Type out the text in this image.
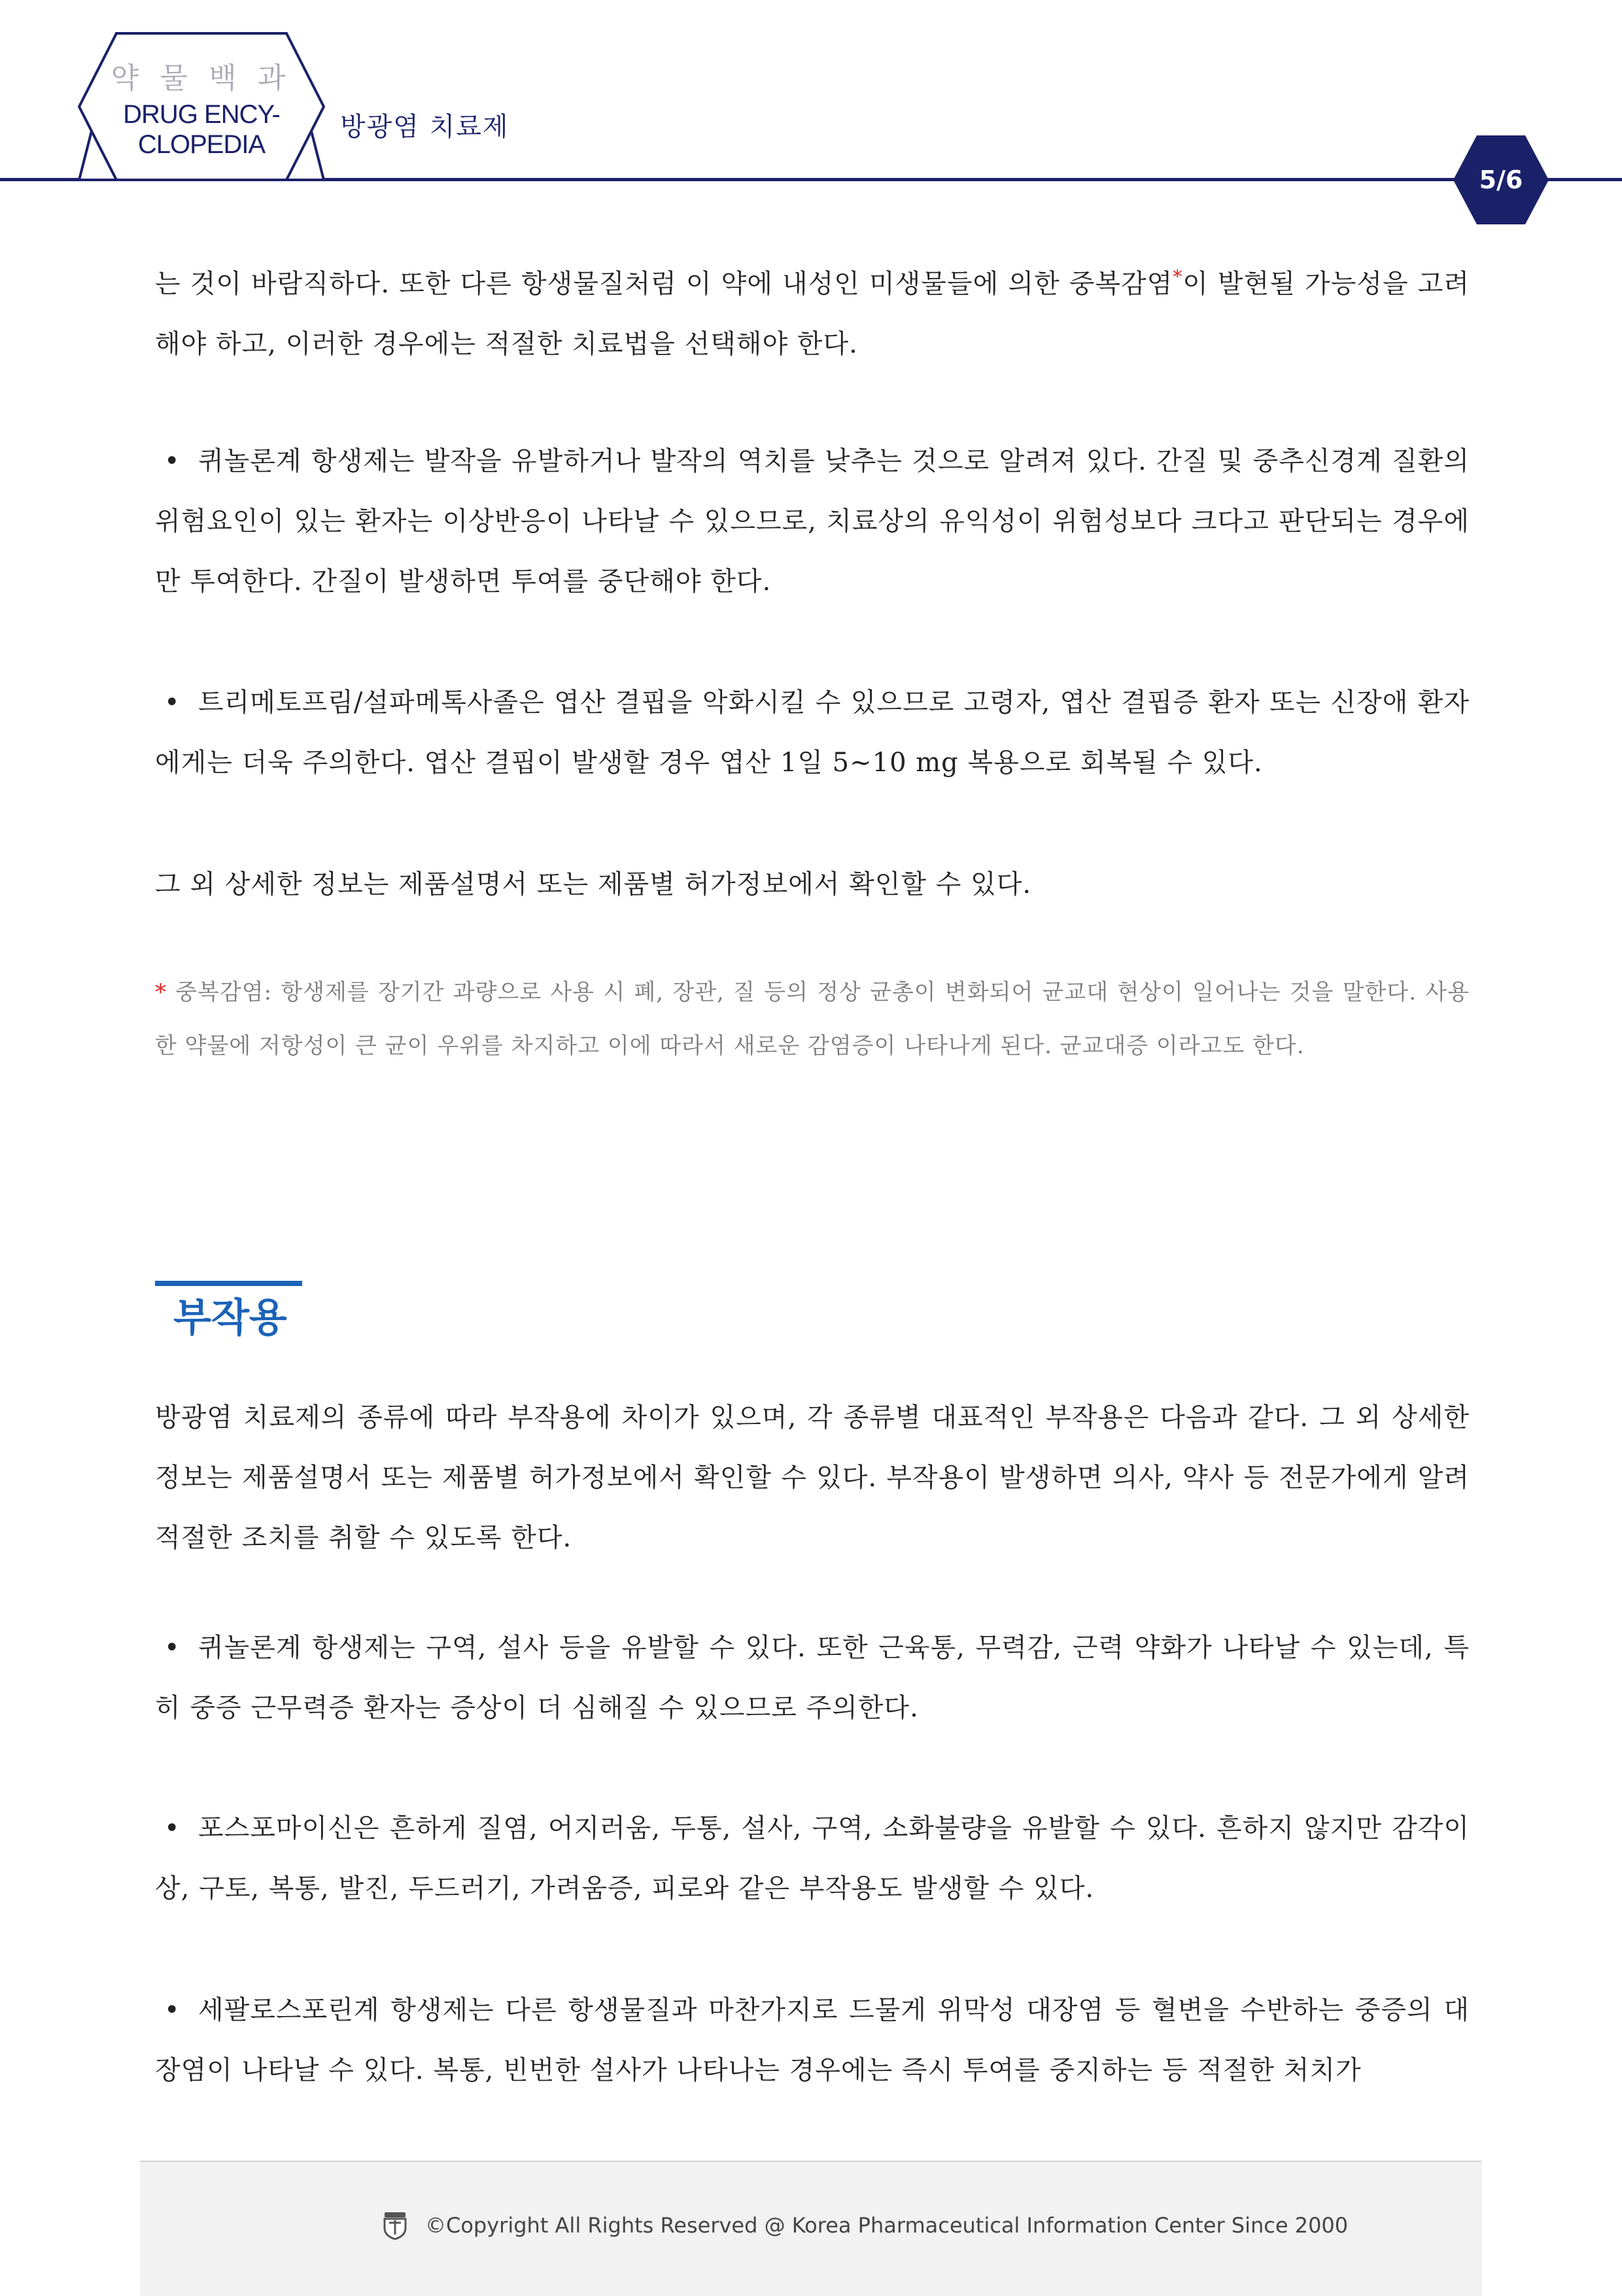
약 물 백 과
DRUG ENCY-
CLOPEDIA
방광염 치료제
5/6

는 것이 바람직하다. 또한 다른 항생물질처럼 이 약에 내성인 미생물들에 의한 중복감염*이 발현될 가능성을 고려해야 하고, 이러한 경우에는 적절한 치료법을 선택해야 한다.

• 퀴놀론계 항생제는 발작을 유발하거나 발작의 역치를 낮추는 것으로 알려져 있다. 간질 및 중추신경계 질환의 위험요인이 있는 환자는 이상반응이 나타날 수 있으므로, 치료상의 유익성이 위험성보다 크다고 판단되는 경우에만 투여한다. 간질이 발생하면 투여를 중단해야 한다.

• 트리메토프림/설파메톡사졸은 엽산 결핍을 악화시킬 수 있으므로 고령자, 엽산 결핍증 환자 또는 신장애 환자에게는 더욱 주의한다. 엽산 결핍이 발생할 경우 엽산 1일 5~10 mg 복용으로 회복될 수 있다.

그 외 상세한 정보는 제품설명서 또는 제품별 허가정보에서 확인할 수 있다.

* 중복감염: 항생제를 장기간 과량으로 사용 시 폐, 장관, 질 등의 정상 균총이 변화되어 균교대 현상이 일어나는 것을 말한다. 사용한 약물에 저항성이 큰 균이 우위를 차지하고 이에 따라서 새로운 감염증이 나타나게 된다. 균교대증 이라고도 한다.

부작용

방광염 치료제의 종류에 따라 부작용에 차이가 있으며, 각 종류별 대표적인 부작용은 다음과 같다. 그 외 상세한 정보는 제품설명서 또는 제품별 허가정보에서 확인할 수 있다. 부작용이 발생하면 의사, 약사 등 전문가에게 알려 적절한 조치를 취할 수 있도록 한다.

• 퀴놀론계 항생제는 구역, 설사 등을 유발할 수 있다. 또한 근육통, 무력감, 근력 약화가 나타날 수 있는데, 특히 중증 근무력증 환자는 증상이 더 심해질 수 있으므로 주의한다.

• 포스포마이신은 흔하게 질염, 어지러움, 두통, 설사, 구역, 소화불량을 유발할 수 있다. 흔하지 않지만 감각이상, 구토, 복통, 발진, 두드러기, 가려움증, 피로와 같은 부작용도 발생할 수 있다.

• 세팔로스포린계 항생제는 다른 항생물질과 마찬가지로 드물게 위막성 대장염 등 혈변을 수반하는 중증의 대장염이 나타날 수 있다. 복통, 빈번한 설사가 나타나는 경우에는 즉시 투여를 중지하는 등 적절한 처치가

©Copyright All Rights Reserved @ Korea Pharmaceutical Information Center Since 2000
